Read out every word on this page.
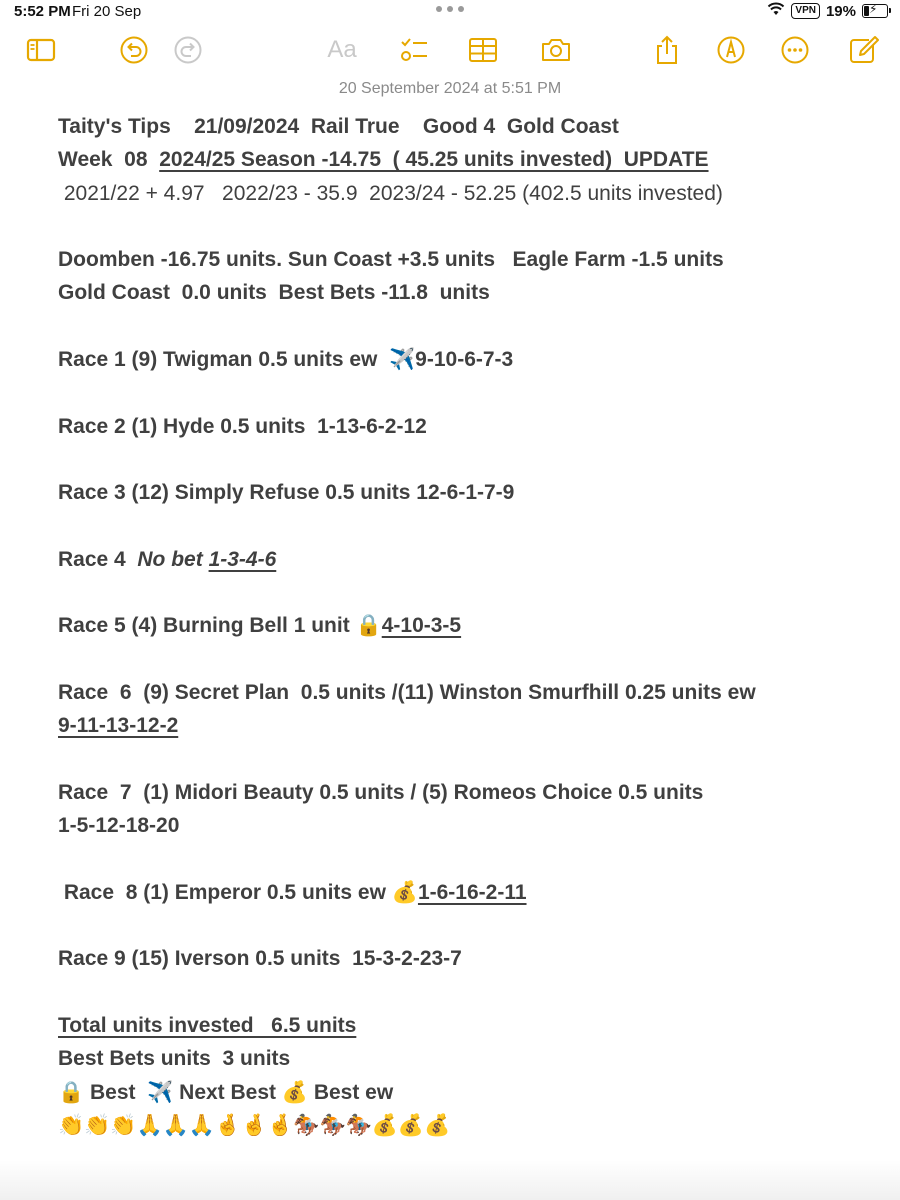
5:52 PM Fri 20 Sep	VPN 19% ⚡
Aa
20 September 2024 at 5:51 PM
Taity's Tips    21/09/2024  Rail True    Good 4  Gold Coast
Week  08  2024/25 Season -14.75  ( 45.25 units invested)  UPDATE
2021/22 + 4.97   2022/23 - 35.9  2023/24 - 52.25 (402.5 units invested)
Doomben -16.75 units. Sun Coast +3.5 units   Eagle Farm -1.5 units
Gold Coast  0.0 units  Best Bets -11.8  units
Race 1 (9) Twigman 0.5 units ew  ✈️9-10-6-7-3
Race 2 (1) Hyde 0.5 units  1-13-6-2-12
Race 3 (12) Simply Refuse 0.5 units 12-6-1-7-9
Race 4  No bet 1-3-4-6
Race 5 (4) Burning Bell 1 unit 🔒4-10-3-5
Race  6  (9) Secret Plan  0.5 units /(11) Winston Smurfhill 0.25 units ew
9-11-13-12-2
Race  7  (1) Midori Beauty 0.5 units / (5) Romeos Choice 0.5 units
1-5-12-18-20
Race  8 (1) Emperor 0.5 units ew 💰1-6-16-2-11
Race 9 (15) Iverson 0.5 units  15-3-2-23-7
Total units invested   6.5 units
Best Bets units  3 units
🔒 Best  ✈️ Next Best 💰 Best ew
👏👏👏🙏🙏🙏🤞🤞🤞🏇🏇🏇💰💰💰
